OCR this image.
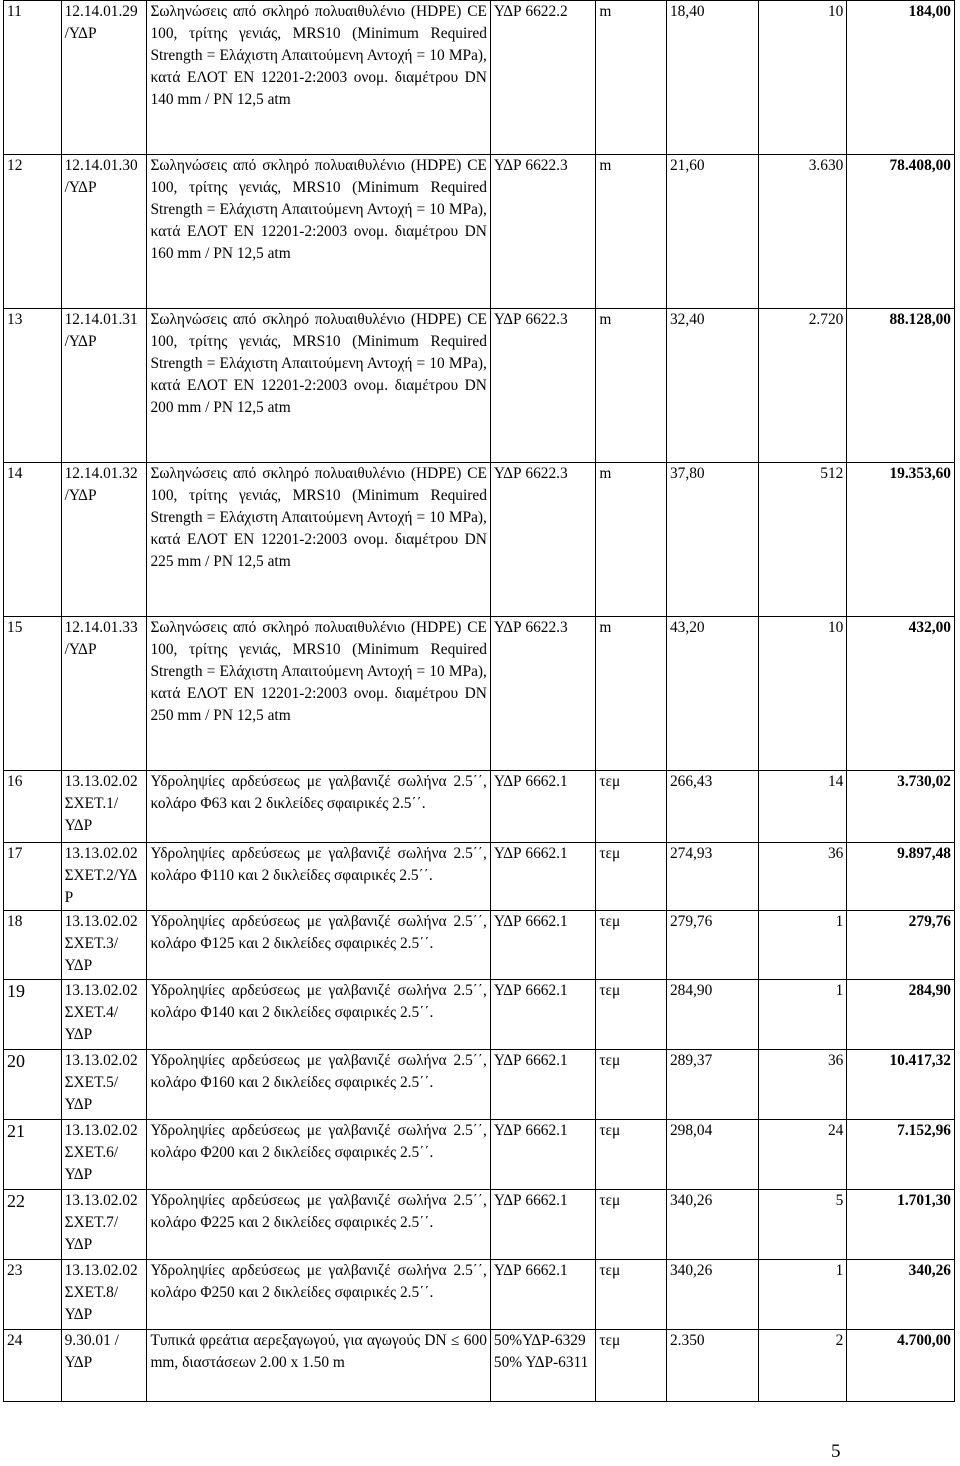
11	12.14.01.29 /ΥΔΡ	Σωληνώσεις από σκληρό πολυαιθυλένιο (HDPE) CE 100, τρίτης γενιάς, MRS10 (Minimum Required Strength = Ελάχιστη Απαιτούμενη Αντοχή = 10 MPa), κατά ΕΛΟΤ EN 12201-2:2003 ονομ. διαμέτρου DN 140 mm / PN 12,5 atm	ΥΔΡ 6622.2	m	18,40	10	184,00
12	12.14.01.30 /ΥΔΡ	Σωληνώσεις από σκληρό πολυαιθυλένιο (HDPE) CE 100, τρίτης γενιάς, MRS10 (Minimum Required Strength = Ελάχιστη Απαιτούμενη Αντοχή = 10 MPa), κατά ΕΛΟΤ EN 12201-2:2003 ονομ. διαμέτρου DN 160 mm / PN 12,5 atm	ΥΔΡ 6622.3	m	21,60	3.630	78.408,00
13	12.14.01.31 /ΥΔΡ	Σωληνώσεις από σκληρό πολυαιθυλένιο (HDPE) CE 100, τρίτης γενιάς, MRS10 (Minimum Required Strength = Ελάχιστη Απαιτούμενη Αντοχή = 10 MPa), κατά ΕΛΟΤ EN 12201-2:2003 ονομ. διαμέτρου DN 200 mm / PN 12,5 atm	ΥΔΡ 6622.3	m	32,40	2.720	88.128,00
14	12.14.01.32 /ΥΔΡ	Σωληνώσεις από σκληρό πολυαιθυλένιο (HDPE) CE 100, τρίτης γενιάς, MRS10 (Minimum Required Strength = Ελάχιστη Απαιτούμενη Αντοχή = 10 MPa), κατά ΕΛΟΤ EN 12201-2:2003 ονομ. διαμέτρου DN 225 mm / PN 12,5 atm	ΥΔΡ 6622.3	m	37,80	512	19.353,60
15	12.14.01.33 /ΥΔΡ	Σωληνώσεις από σκληρό πολυαιθυλένιο (HDPE) CE 100, τρίτης γενιάς, MRS10 (Minimum Required Strength = Ελάχιστη Απαιτούμενη Αντοχή = 10 MPa), κατά ΕΛΟΤ EN 12201-2:2003 ονομ. διαμέτρου DN 250 mm / PN 12,5 atm	ΥΔΡ 6622.3	m	43,20	10	432,00
16	13.13.02.02 ΣΧΕΤ.1/ ΥΔΡ	Υδροληψίες αρδεύσεως με γαλβανιζέ σωλήνα 2.5΄΄, κολάρο Φ63 και 2 δικλείδες σφαιρικές 2.5΄΄.	ΥΔΡ 6662.1	τεμ	266,43	14	3.730,02
17	13.13.02.02 ΣΧΕΤ.2/ΥΔ Ρ	Υδροληψίες αρδεύσεως με γαλβανιζέ σωλήνα 2.5΄΄, κολάρο Φ110 και 2 δικλείδες σφαιρικές 2.5΄΄.	ΥΔΡ 6662.1	τεμ	274,93	36	9.897,48
18	13.13.02.02 ΣΧΕΤ.3/ ΥΔΡ	Υδροληψίες αρδεύσεως με γαλβανιζέ σωλήνα 2.5΄΄, κολάρο Φ125 και 2 δικλείδες σφαιρικές 2.5΄΄.	ΥΔΡ 6662.1	τεμ	279,76	1	279,76
19	13.13.02.02 ΣΧΕΤ.4/ ΥΔΡ	Υδροληψίες αρδεύσεως με γαλβανιζέ σωλήνα 2.5΄΄, κολάρο Φ140 και 2 δικλείδες σφαιρικές 2.5΄΄.	ΥΔΡ 6662.1	τεμ	284,90	1	284,90
20	13.13.02.02 ΣΧΕΤ.5/ ΥΔΡ	Υδροληψίες αρδεύσεως με γαλβανιζέ σωλήνα 2.5΄΄, κολάρο Φ160 και 2 δικλείδες σφαιρικές 2.5΄΄.	ΥΔΡ 6662.1	τεμ	289,37	36	10.417,32
21	13.13.02.02 ΣΧΕΤ.6/ ΥΔΡ	Υδροληψίες αρδεύσεως με γαλβανιζέ σωλήνα 2.5΄΄, κολάρο Φ200 και 2 δικλείδες σφαιρικές 2.5΄΄.	ΥΔΡ 6662.1	τεμ	298,04	24	7.152,96
22	13.13.02.02 ΣΧΕΤ.7/ ΥΔΡ	Υδροληψίες αρδεύσεως με γαλβανιζέ σωλήνα 2.5΄΄, κολάρο Φ225 και 2 δικλείδες σφαιρικές 2.5΄΄.	ΥΔΡ 6662.1	τεμ	340,26	5	1.701,30
23	13.13.02.02 ΣΧΕΤ.8/ ΥΔΡ	Υδροληψίες αρδεύσεως με γαλβανιζέ σωλήνα 2.5΄΄, κολάρο Φ250 και 2 δικλείδες σφαιρικές 2.5΄΄.	ΥΔΡ 6662.1	τεμ	340,26	1	340,26
24	9.30.01 /ΥΔΡ	Τυπικά φρεάτια αερεξαγωγού, για αγωγούς DN ≤ 600 mm, διαστάσεων 2.00 x 1.50 m	50%ΥΔΡ-6329 50% ΥΔΡ-6311	τεμ	2.350	2	4.700,00
5
